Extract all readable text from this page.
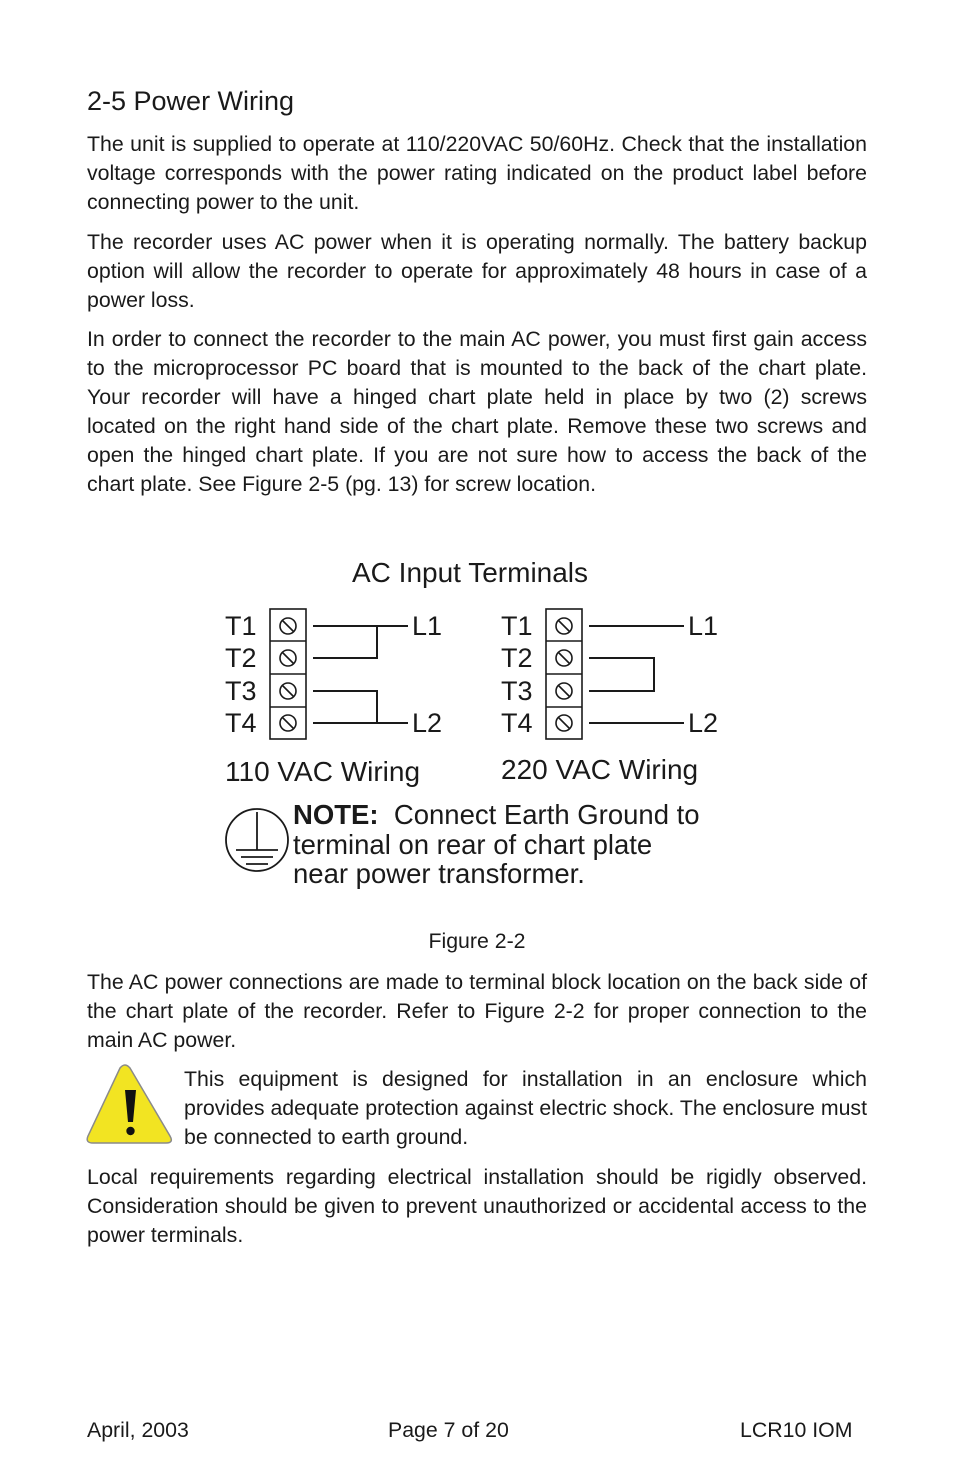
2-5 Power Wiring

The unit is supplied to operate at 110/220VAC 50/60Hz. Check that the installation voltage corresponds with the power rating indicated on the product label before connecting power to the unit.

The recorder uses AC power when it is operating normally. The battery backup option will allow the recorder to operate for approximately 48 hours in case of a power loss.

In order to connect the recorder to the main AC power, you must first gain access to the microprocessor PC board that is mounted to the back of the chart plate. Your recorder will have a hinged chart plate held in place by two (2) screws located on the right hand side of the chart plate. Remove these two screws and open the hinged chart plate. If you are not sure how to access the back of the chart plate. See Figure 2-5 (pg. 13) for screw location.

AC Input Terminals
T1
T2
T3
T4
L1
L2
T1
T2
T3
T4
L1
L2
110 VAC Wiring	220 VAC Wiring
NOTE: Connect Earth Ground to
terminal on rear of chart plate
near power transformer.
Figure 2-2

The AC power connections are made to terminal block location on the back side of the chart plate of the recorder. Refer to Figure 2-2 for proper connection to the main AC power.

This equipment is designed for installation in an enclosure which provides adequate protection against electric shock. The enclosure must be connected to earth ground.

Local requirements regarding electrical installation should be rigidly observed. Consideration should be given to prevent unauthorized or accidental access to the power terminals.

April, 2003	Page 7 of 20	LCR10 IOM
